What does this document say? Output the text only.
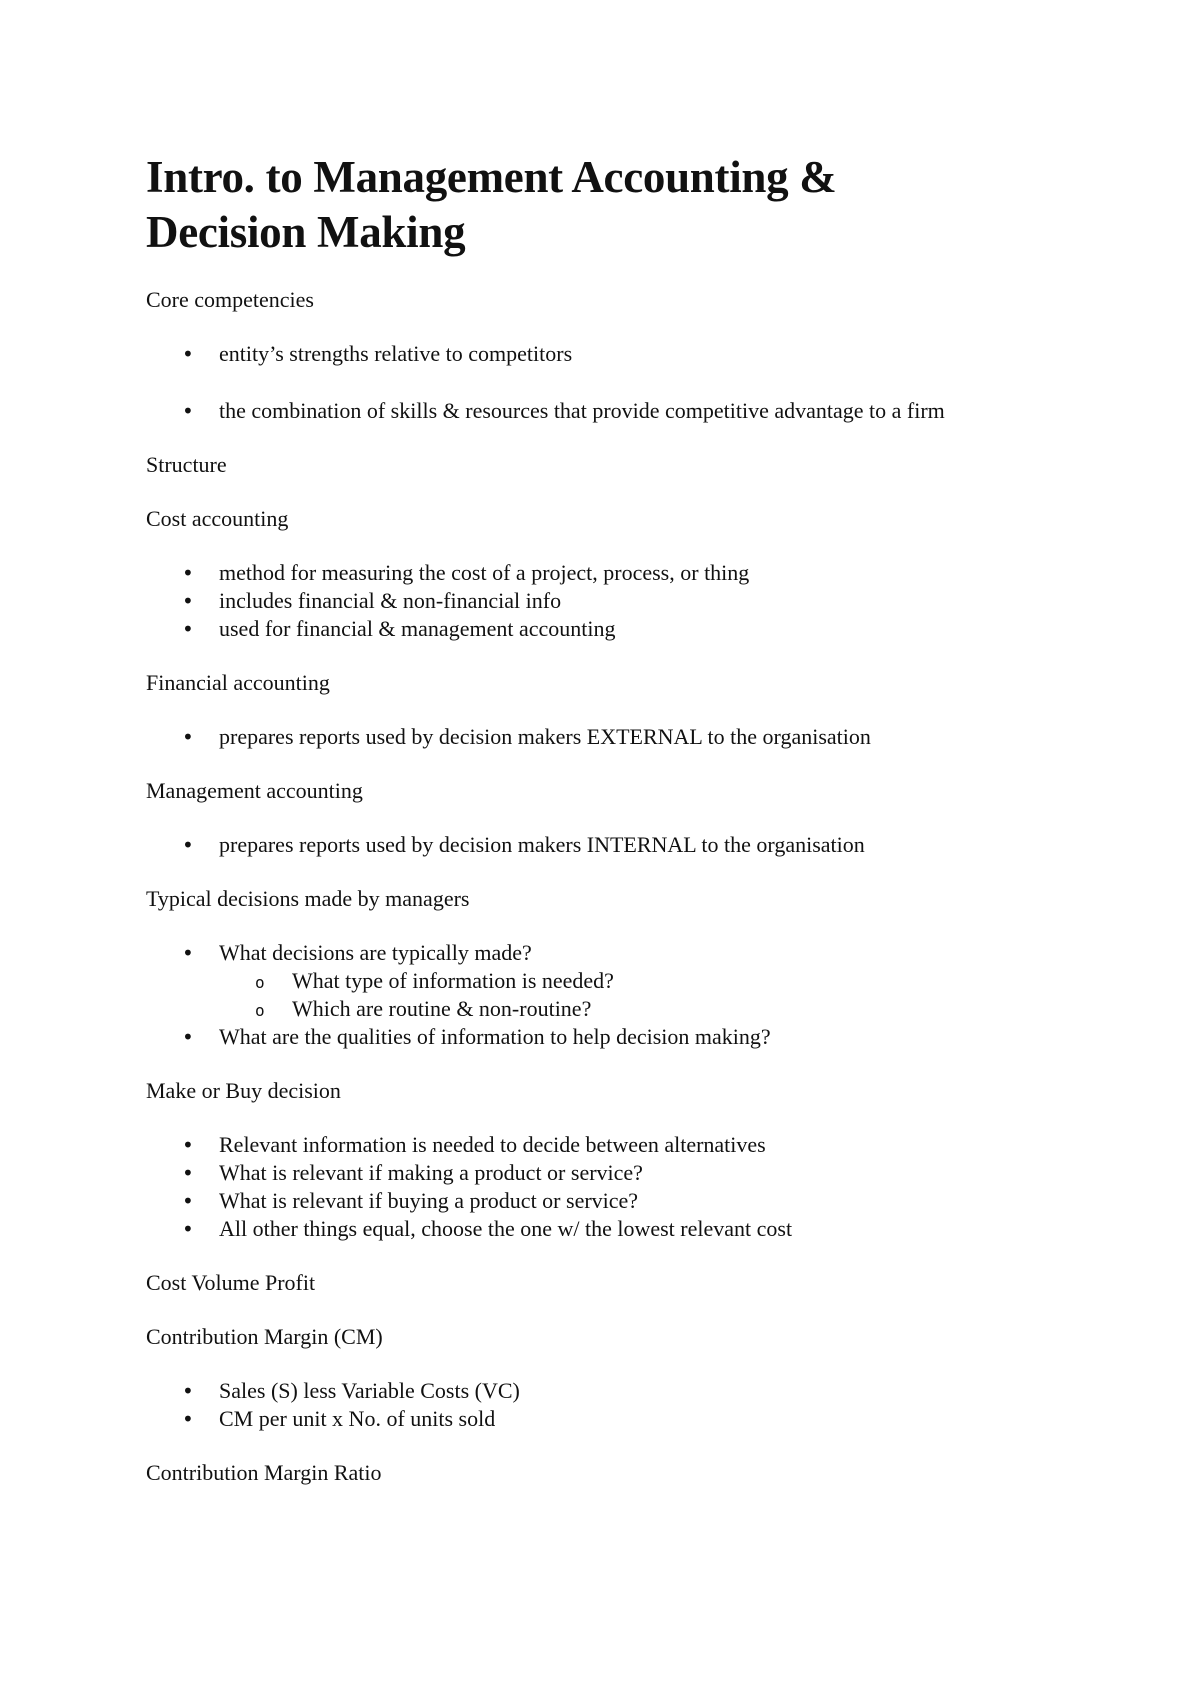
Intro. to Management Accounting &
Decision Making
Core competencies
• entity’s strengths relative to competitors
• the combination of skills & resources that provide competitive advantage to a firm
Structure
Cost accounting
• method for measuring the cost of a project, process, or thing
• includes financial & non-financial info
• used for financial & management accounting
Financial accounting
• prepares reports used by decision makers EXTERNAL to the organisation
Management accounting
• prepares reports used by decision makers INTERNAL to the organisation
Typical decisions made by managers
• What decisions are typically made?
o What type of information is needed?
o Which are routine & non-routine?
• What are the qualities of information to help decision making?
Make or Buy decision
• Relevant information is needed to decide between alternatives
• What is relevant if making a product or service?
• What is relevant if buying a product or service?
• All other things equal, choose the one w/ the lowest relevant cost
Cost Volume Profit
Contribution Margin (CM)
• Sales (S) less Variable Costs (VC)
• CM per unit x No. of units sold
Contribution Margin Ratio
